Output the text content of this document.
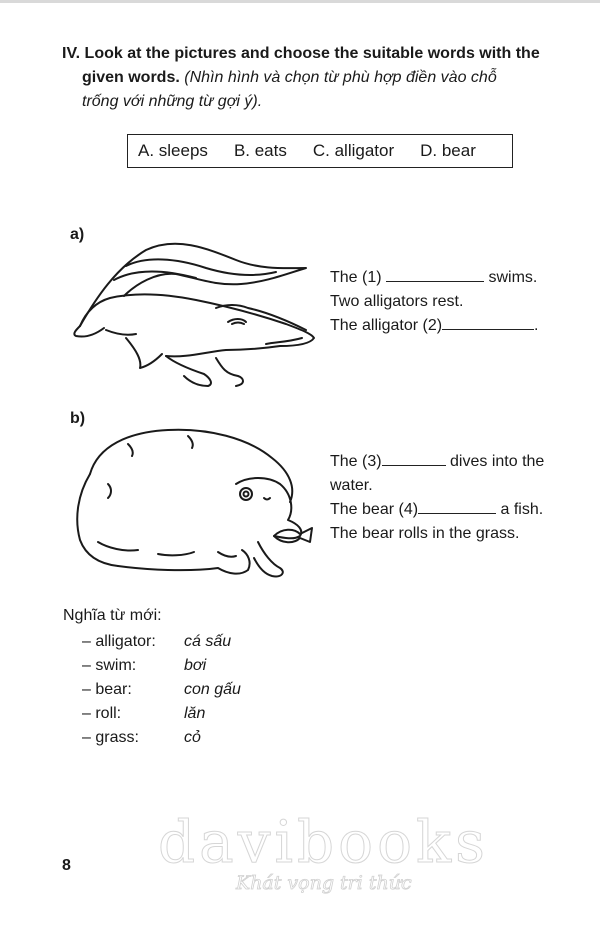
IV. Look at the pictures and choose the suitable words with the
given words. (Nhìn hình và chọn từ phù hợp điền vào chỗ
trống với những từ gợi ý).
A. sleeps B. eats C. alligator D. bear
a)
The (1)	swims.
Two alligators rest.
The alligator (2)	.
b)
The (3)	dives into the
water.
The bear (4)	a fish.
The bear rolls in the grass.
Nghĩa từ mới:
– alligator:	cá sấu
– swim:	bơi
– bear:	con gấu
– roll:	lăn
– grass:	cỏ
davibooks
Khát vọng tri thức
8
